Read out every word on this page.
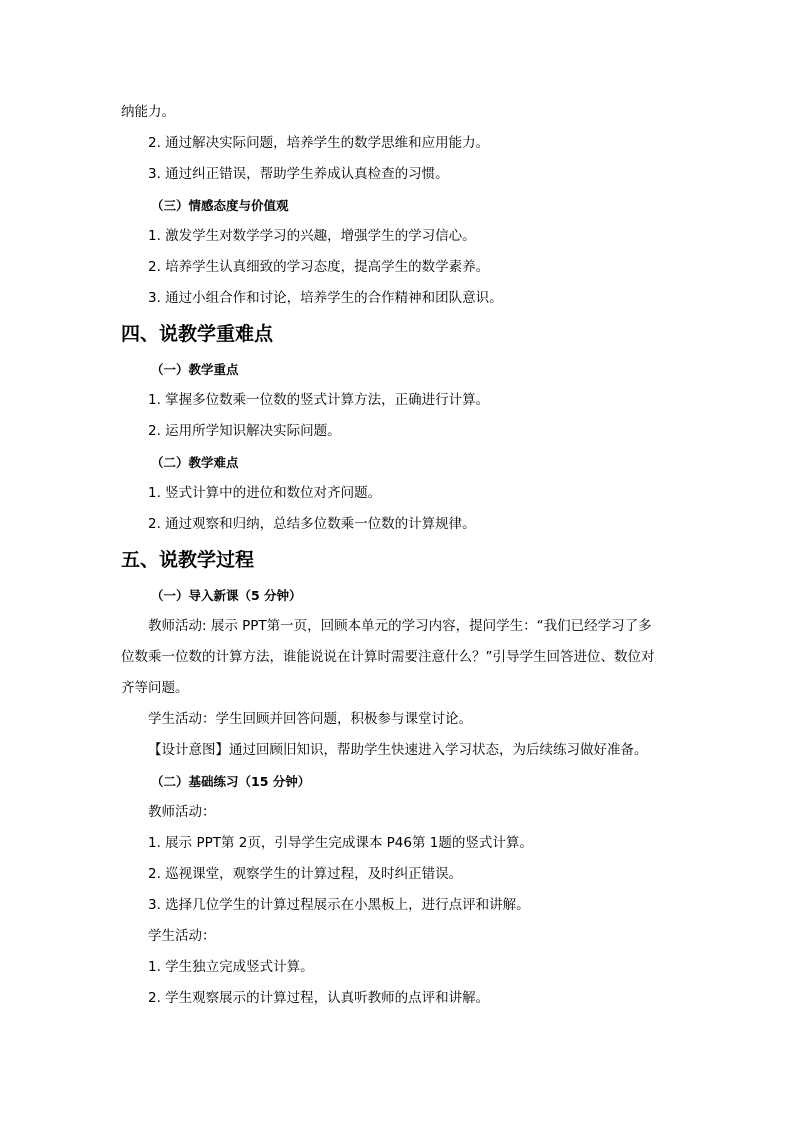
纳能力。
2. 通过解决实际问题，培养学生的数学思维和应用能力。
3. 通过纠正错误，帮助学生养成认真检查的习惯。
（三）情感态度与价值观
1. 激发学生对数学学习的兴趣，增强学生的学习信心。
2. 培养学生认真细致的学习态度，提高学生的数学素养。
3. 通过小组合作和讨论，培养学生的合作精神和团队意识。
四、说教学重难点
（一）教学重点
1. 掌握多位数乘一位数的竖式计算方法，正确进行计算。
2. 运用所学知识解决实际问题。
（二）教学难点
1. 竖式计算中的进位和数位对齐问题。
2. 通过观察和归纳，总结多位数乘一位数的计算规律。
五、说教学过程
（一）导入新课（5 分钟）
教师活动: 展示 PPT第一页，回顾本单元的学习内容，提问学生：“我们已经学习了多
位数乘一位数的计算方法，谁能说说在计算时需要注意什么？”引导学生回答进位、数位对
齐等问题。
学生活动：学生回顾并回答问题，积极参与课堂讨论。
【设计意图】通过回顾旧知识，帮助学生快速进入学习状态，为后续练习做好准备。
（二）基础练习（15 分钟）
教师活动：
1. 展示 PPT第 2页，引导学生完成课本 P46第 1题的竖式计算。
2. 巡视课堂，观察学生的计算过程，及时纠正错误。
3. 选择几位学生的计算过程展示在小黑板上，进行点评和讲解。
学生活动：
1. 学生独立完成竖式计算。
2. 学生观察展示的计算过程，认真听教师的点评和讲解。
